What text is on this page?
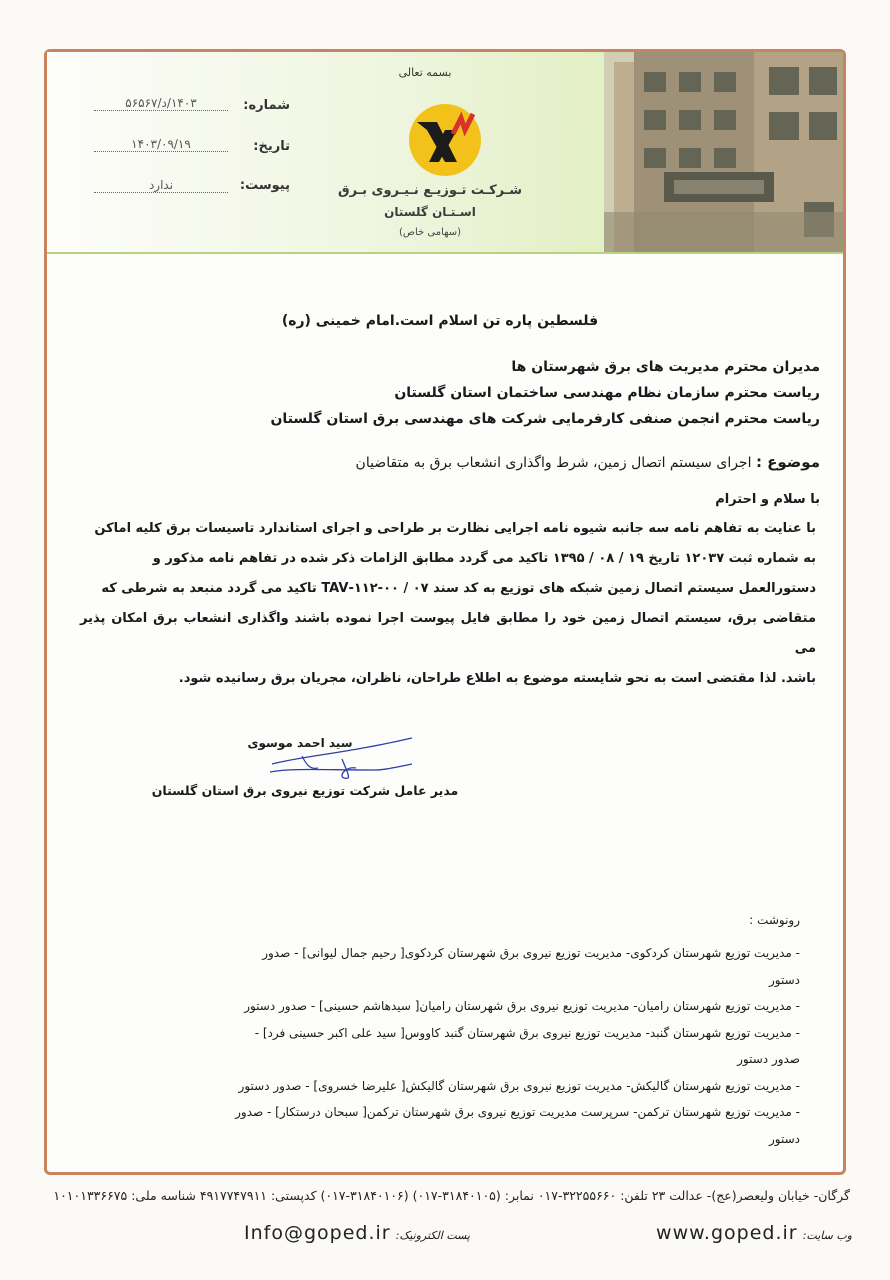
بسمه تعالی
شـرکـت تـوزیـع نـیـروی بـرق
اسـتـان گلستان
(سهامی خاص)
شماره:
۱۴۰۳/د/۵۶۵۶۷
تاریخ:
۱۴۰۳/۰۹/۱۹
پیوست:
ندارد
فلسطین پاره تن اسلام است.امام خمینی (ره)
مدیران محترم مدیریت های برق شهرستان ها
ریاست محترم سازمان نظام مهندسی ساختمان استان گلستان
ریاست محترم انجمن صنفی کارفرمایی شرکت های مهندسی برق استان گلستان
موضوع : اجرای سیستم اتصال زمین، شرط واگذاری انشعاب برق به متقاضیان
با سلام و احترام
با عنایت به تفاهم نامه سه جانبه شیوه نامه اجرایی نظارت بر طراحی و اجرای استاندارد تاسیسات برق کلیه اماکن
به شماره ثبت ۱۲۰۳۷ تاریخ ۱۹ / ۰۸ / ۱۳۹۵ تاکید می گردد مطابق الزامات ذکر شده در تفاهم نامه مذکور و
دستورالعمل سیستم اتصال زمین شبکه های توزیع به کد سند ۰۷ / ۰۰-۱۱۲-TAV تاکید می گردد منبعد به شرطی که
متقاضی برق، سیستم اتصال زمین خود را مطابق فایل پیوست اجرا نموده باشند واگذاری انشعاب برق امکان پذیر می
باشد. لذا مقتضی است به نحو شایسته موضوع به اطلاع طراحان، ناظران، مجریان برق رسانیده شود.
سید احمد موسوی
مدیر عامل شرکت توزیع نیروی برق استان گلستان
رونوشت :
- مدیریت توزیع شهرستان کردکوی- مدیریت توزیع نیروی برق شهرستان کردکوی[ رحیم جمال لیوانی] - صدور
دستور
- مدیریت توزیع شهرستان رامیان- مدیریت توزیع نیروی برق شهرستان رامیان[ سیدهاشم حسینی] - صدور دستور
- مدیریت توزیع شهرستان گنبد- مدیریت توزیع نیروی برق شهرستان گنبد کاووس[ سید علی اکبر حسینی فرد] -
صدور دستور
- مدیریت توزیع شهرستان گالیکش- مدیریت توزیع نیروی برق شهرستان گالیکش[ علیرضا خسروی] - صدور دستور
- مدیریت توزیع شهرستان ترکمن- سرپرست مدیریت توزیع نیروی برق شهرستان ترکمن[ سبحان درستکار] - صدور
دستور
گرگان- خیابان ولیعصر(عج)- عدالت ۲۳ تلفن: ۳۲۲۵۵۶۶۰-۰۱۷ نمابر: (۳۱۸۴۰۱۰۵-۰۱۷) (۳۱۸۴۰۱۰۶-۰۱۷) کدپستی: ۴۹۱۷۷۴۷۹۱۱ شناسه ملی: ۱۰۱۰۱۳۳۶۶۷۵
وب سایت: www.goped.ir
پست الکترونیک: Info@goped.ir
